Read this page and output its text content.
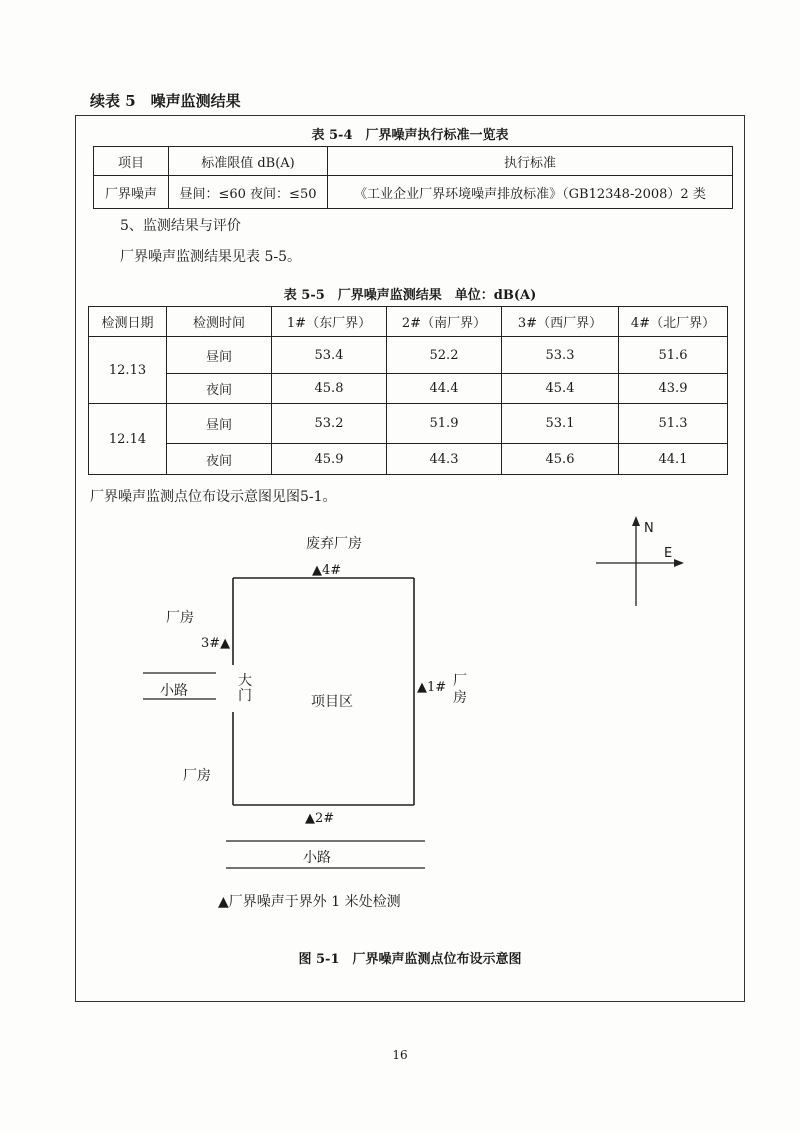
续表 5　噪声监测结果
表 5-4　厂界噪声执行标准一览表
项目	标准限值 dB(A)	执行标准
厂界噪声	昼间：≤60 夜间：≤50	《工业企业厂界环境噪声排放标准》（GB12348-2008）2 类
5、监测结果与评价
厂界噪声监测结果见表 5-5。
表 5-5　厂界噪声监测结果　单位：dB(A)
检测日期	检测时间	1#（东厂界）	2#（南厂界）	3#（西厂界）	4#（北厂界）
12.13	昼间	53.4	52.2	53.3	51.6
	夜间	45.8	44.4	45.4	43.9
12.14	昼间	53.2	51.9	53.1	51.3
	夜间	45.9	44.3	45.6	44.1
厂界噪声监测点位布设示意图见图5-1。
N
E
废弃厂房
▲4#
厂房
3#▲
大
门
小路
项目区
▲1# 厂
房
厂房
▲2#
小路
▲厂界噪声于界外 1 米处检测
图 5-1　厂界噪声监测点位布设示意图
16
